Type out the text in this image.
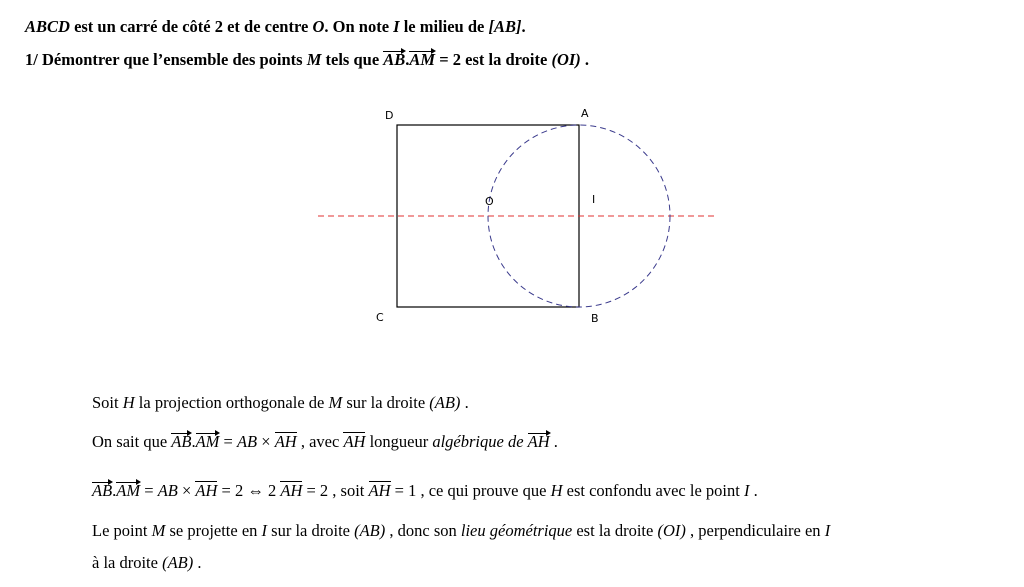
ABCD est un carré de côté 2 et de centre O. On note I le milieu de [AB].
1/ Démontrer que l’ensemble des points M tels que AB.AM = 2 est la droite (OI) .
D	A
O	I
C	B
Soit H la projection orthogonale de M sur la droite (AB) .
On sait que AB.AM = AB × AH , avec AH longueur algébrique de AH .
AB.AM = AB × AH = 2 ⇔ 2 AH = 2 , soit AH = 1 , ce qui prouve que H est confondu avec le point I .
Le point M se projette en I sur la droite (AB) , donc son lieu géométrique est la droite (OI) , perpendiculaire en I
à la droite (AB) .
